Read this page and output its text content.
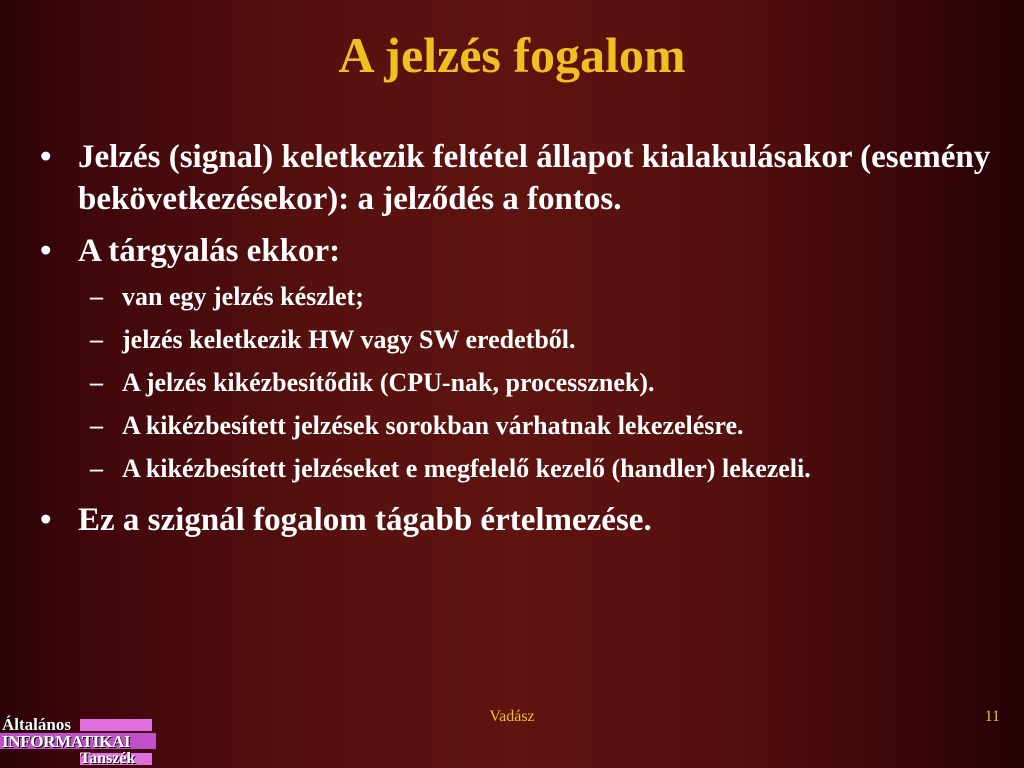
A jelzés fogalom
• Jelzés (signal) keletkezik feltétel állapot kialakulásakor (esemény bekövetkezésekor): a jelződés a fontos.
• A tárgyalás ekkor:
– van egy jelzés készlet;
– jelzés keletkezik HW vagy SW eredetből.
– A jelzés kikézbesítődik (CPU-nak, processznek).
– A kikézbesített jelzések sorokban várhatnak lekezelésre.
– A kikézbesített jelzéseket e megfelelő kezelő (handler) lekezeli.
• Ez a szignál fogalom tágabb értelmezése.
Vadász	11
Általános
INFORMATIKAI
Tanszék
